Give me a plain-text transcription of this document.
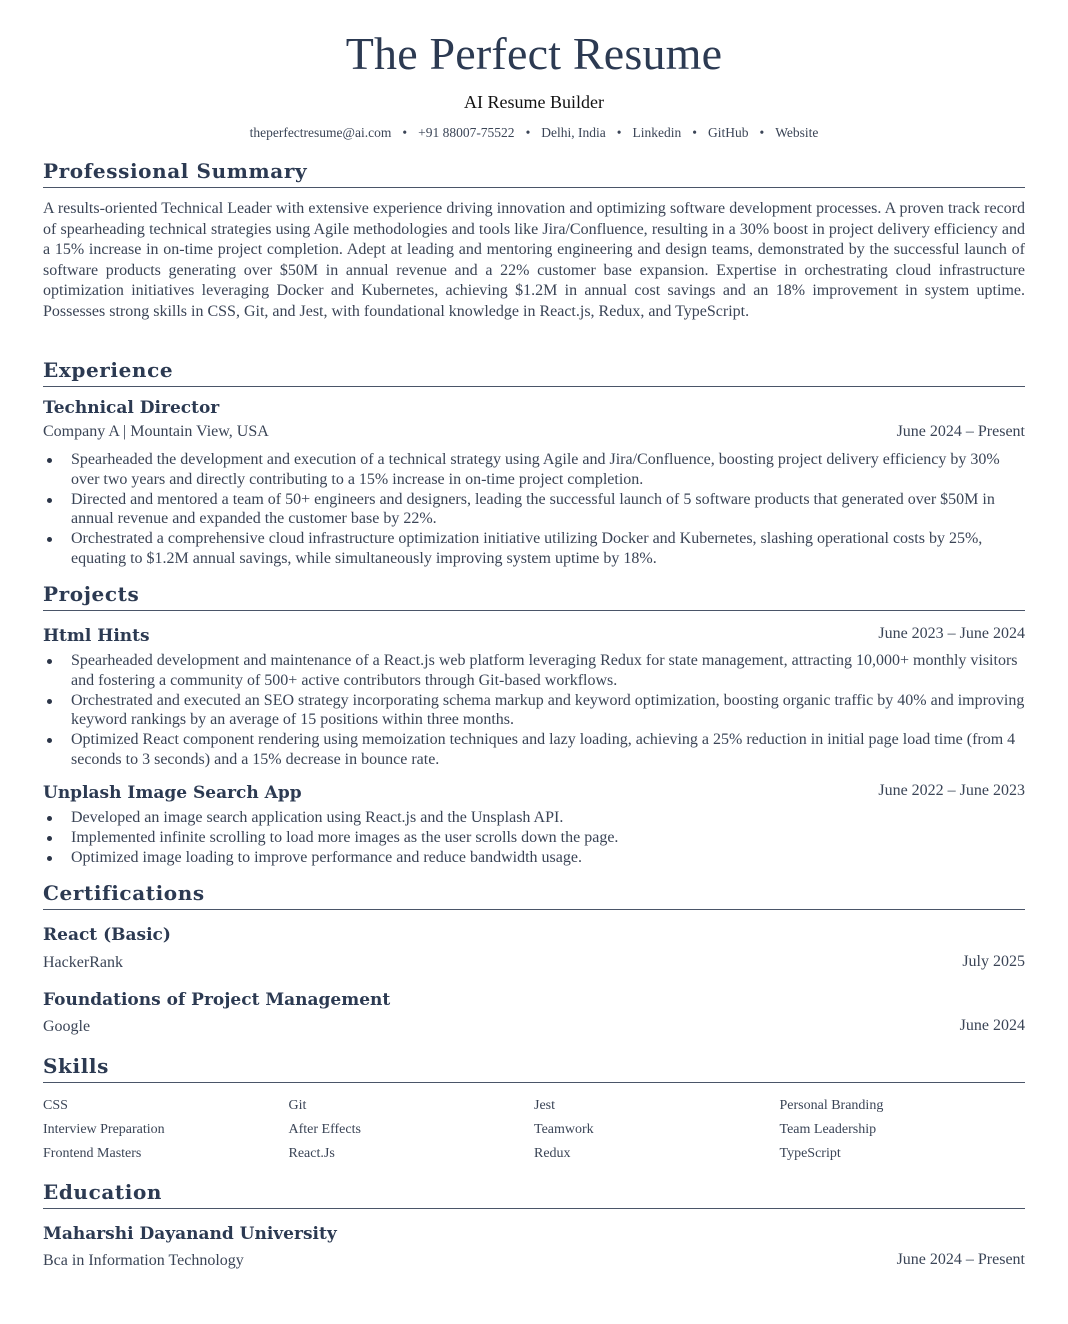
The Perfect Resume
AI Resume Builder
theperfectresume@ai.com • +91 88007-75522 • Delhi, India • Linkedin • GitHub • Website
Professional Summary
A results-oriented Technical Leader with extensive experience driving innovation and optimizing software development processes. A proven track record of spearheading technical strategies using Agile methodologies and tools like Jira/Confluence, resulting in a 30% boost in project delivery efficiency and a 15% increase in on-time project completion. Adept at leading and mentoring engineering and design teams, demonstrated by the successful launch of software products generating over $50M in annual revenue and a 22% customer base expansion. Expertise in orchestrating cloud infrastructure optimization initiatives leveraging Docker and Kubernetes, achieving $1.2M in annual cost savings and an 18% improvement in system uptime. Possesses strong skills in CSS, Git, and Jest, with foundational knowledge in React.js, Redux, and TypeScript.
Experience
Technical Director
Company A | Mountain View, USA	June 2024 – Present
Spearheaded the development and execution of a technical strategy using Agile and Jira/Confluence, boosting project delivery efficiency by 30% over two years and directly contributing to a 15% increase in on-time project completion.
Directed and mentored a team of 50+ engineers and designers, leading the successful launch of 5 software products that generated over $50M in annual revenue and expanded the customer base by 22%.
Orchestrated a comprehensive cloud infrastructure optimization initiative utilizing Docker and Kubernetes, slashing operational costs by 25%, equating to $1.2M annual savings, while simultaneously improving system uptime by 18%.
Projects
Html Hints	June 2023 – June 2024
Spearheaded development and maintenance of a React.js web platform leveraging Redux for state management, attracting 10,000+ monthly visitors and fostering a community of 500+ active contributors through Git-based workflows.
Orchestrated and executed an SEO strategy incorporating schema markup and keyword optimization, boosting organic traffic by 40% and improving keyword rankings by an average of 15 positions within three months.
Optimized React component rendering using memoization techniques and lazy loading, achieving a 25% reduction in initial page load time (from 4 seconds to 3 seconds) and a 15% decrease in bounce rate.
Unplash Image Search App	June 2022 – June 2023
Developed an image search application using React.js and the Unsplash API.
Implemented infinite scrolling to load more images as the user scrolls down the page.
Optimized image loading to improve performance and reduce bandwidth usage.
Certifications
React (Basic)
HackerRank	July 2025
Foundations of Project Management
Google	June 2024
Skills
CSS	Git	Jest	Personal Branding
Interview Preparation	After Effects	Teamwork	Team Leadership
Frontend Masters	React.Js	Redux	TypeScript
Education
Maharshi Dayanand University
Bca in Information Technology	June 2024 – Present
